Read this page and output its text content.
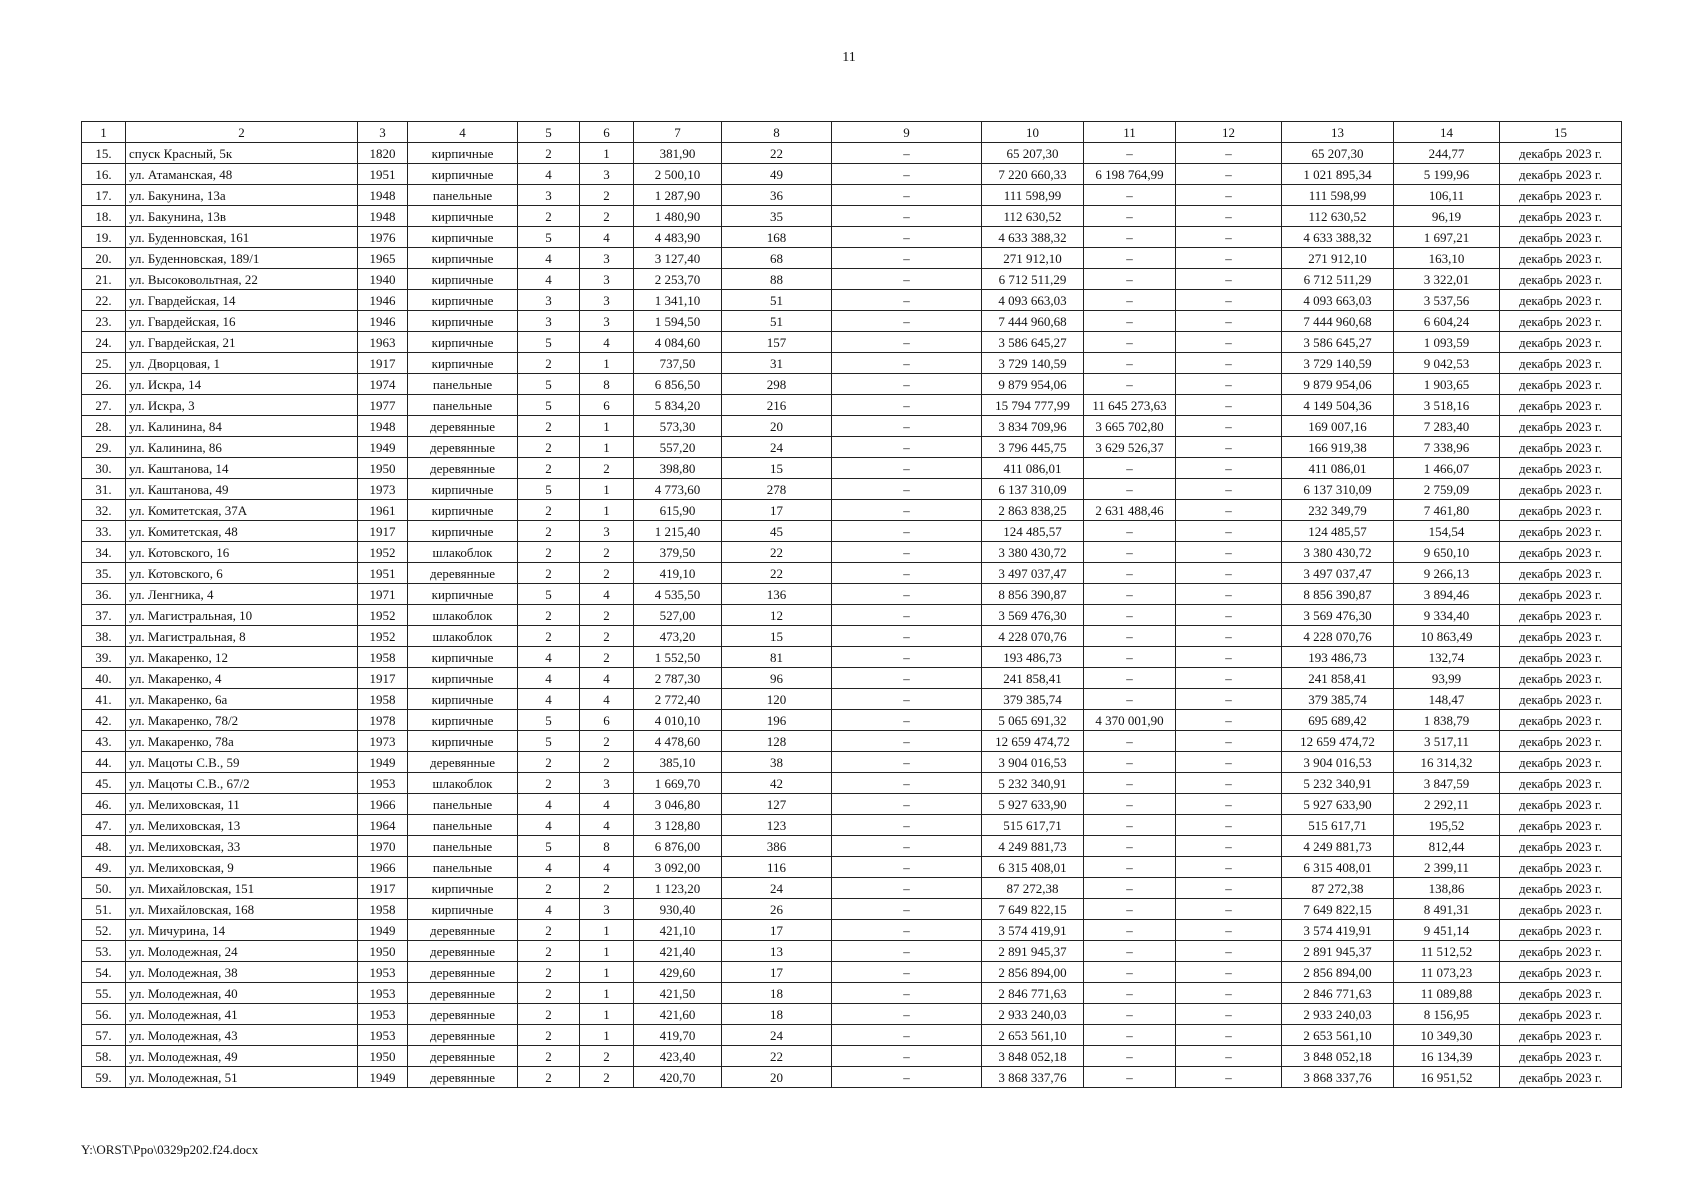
11
1	2	3	4	5	6	7	8	9	10	11	12	13	14	15
15.	спуск Красный, 5к	1820	кирпичные	2	1	381,90	22	–	65 207,30	–	–	65 207,30	244,77	декабрь 2023 г.
16.	ул. Атаманская, 48	1951	кирпичные	4	3	2 500,10	49	–	7 220 660,33	6 198 764,99	–	1 021 895,34	5 199,96	декабрь 2023 г.
17.	ул. Бакунина, 13а	1948	панельные	3	2	1 287,90	36	–	111 598,99	–	–	111 598,99	106,11	декабрь 2023 г.
18.	ул. Бакунина, 13в	1948	кирпичные	2	2	1 480,90	35	–	112 630,52	–	–	112 630,52	96,19	декабрь 2023 г.
19.	ул. Буденновская, 161	1976	кирпичные	5	4	4 483,90	168	–	4 633 388,32	–	–	4 633 388,32	1 697,21	декабрь 2023 г.
20.	ул. Буденновская, 189/1	1965	кирпичные	4	3	3 127,40	68	–	271 912,10	–	–	271 912,10	163,10	декабрь 2023 г.
21.	ул. Высоковольтная, 22	1940	кирпичные	4	3	2 253,70	88	–	6 712 511,29	–	–	6 712 511,29	3 322,01	декабрь 2023 г.
22.	ул. Гвардейская, 14	1946	кирпичные	3	3	1 341,10	51	–	4 093 663,03	–	–	4 093 663,03	3 537,56	декабрь 2023 г.
23.	ул. Гвардейская, 16	1946	кирпичные	3	3	1 594,50	51	–	7 444 960,68	–	–	7 444 960,68	6 604,24	декабрь 2023 г.
24.	ул. Гвардейская, 21	1963	кирпичные	5	4	4 084,60	157	–	3 586 645,27	–	–	3 586 645,27	1 093,59	декабрь 2023 г.
25.	ул. Дворцовая, 1	1917	кирпичные	2	1	737,50	31	–	3 729 140,59	–	–	3 729 140,59	9 042,53	декабрь 2023 г.
26.	ул. Искра, 14	1974	панельные	5	8	6 856,50	298	–	9 879 954,06	–	–	9 879 954,06	1 903,65	декабрь 2023 г.
27.	ул. Искра, 3	1977	панельные	5	6	5 834,20	216	–	15 794 777,99	11 645 273,63	–	4 149 504,36	3 518,16	декабрь 2023 г.
28.	ул. Калинина, 84	1948	деревянные	2	1	573,30	20	–	3 834 709,96	3 665 702,80	–	169 007,16	7 283,40	декабрь 2023 г.
29.	ул. Калинина, 86	1949	деревянные	2	1	557,20	24	–	3 796 445,75	3 629 526,37	–	166 919,38	7 338,96	декабрь 2023 г.
30.	ул. Каштанова, 14	1950	деревянные	2	2	398,80	15	–	411 086,01	–	–	411 086,01	1 466,07	декабрь 2023 г.
31.	ул. Каштанова, 49	1973	кирпичные	5	1	4 773,60	278	–	6 137 310,09	–	–	6 137 310,09	2 759,09	декабрь 2023 г.
32.	ул. Комитетская, 37А	1961	кирпичные	2	1	615,90	17	–	2 863 838,25	2 631 488,46	–	232 349,79	7 461,80	декабрь 2023 г.
33.	ул. Комитетская, 48	1917	кирпичные	2	3	1 215,40	45	–	124 485,57	–	–	124 485,57	154,54	декабрь 2023 г.
34.	ул. Котовского, 16	1952	шлакоблок	2	2	379,50	22	–	3 380 430,72	–	–	3 380 430,72	9 650,10	декабрь 2023 г.
35.	ул. Котовского, 6	1951	деревянные	2	2	419,10	22	–	3 497 037,47	–	–	3 497 037,47	9 266,13	декабрь 2023 г.
36.	ул. Ленгника, 4	1971	кирпичные	5	4	4 535,50	136	–	8 856 390,87	–	–	8 856 390,87	3 894,46	декабрь 2023 г.
37.	ул. Магистральная, 10	1952	шлакоблок	2	2	527,00	12	–	3 569 476,30	–	–	3 569 476,30	9 334,40	декабрь 2023 г.
38.	ул. Магистральная, 8	1952	шлакоблок	2	2	473,20	15	–	4 228 070,76	–	–	4 228 070,76	10 863,49	декабрь 2023 г.
39.	ул. Макаренко, 12	1958	кирпичные	4	2	1 552,50	81	–	193 486,73	–	–	193 486,73	132,74	декабрь 2023 г.
40.	ул. Макаренко, 4	1917	кирпичные	4	4	2 787,30	96	–	241 858,41	–	–	241 858,41	93,99	декабрь 2023 г.
41.	ул. Макаренко, 6а	1958	кирпичные	4	4	2 772,40	120	–	379 385,74	–	–	379 385,74	148,47	декабрь 2023 г.
42.	ул. Макаренко, 78/2	1978	кирпичные	5	6	4 010,10	196	–	5 065 691,32	4 370 001,90	–	695 689,42	1 838,79	декабрь 2023 г.
43.	ул. Макаренко, 78а	1973	кирпичные	5	2	4 478,60	128	–	12 659 474,72	–	–	12 659 474,72	3 517,11	декабрь 2023 г.
44.	ул. Мацоты С.В., 59	1949	деревянные	2	2	385,10	38	–	3 904 016,53	–	–	3 904 016,53	16 314,32	декабрь 2023 г.
45.	ул. Мацоты С.В., 67/2	1953	шлакоблок	2	3	1 669,70	42	–	5 232 340,91	–	–	5 232 340,91	3 847,59	декабрь 2023 г.
46.	ул. Мелиховская, 11	1966	панельные	4	4	3 046,80	127	–	5 927 633,90	–	–	5 927 633,90	2 292,11	декабрь 2023 г.
47.	ул. Мелиховская, 13	1964	панельные	4	4	3 128,80	123	–	515 617,71	–	–	515 617,71	195,52	декабрь 2023 г.
48.	ул. Мелиховская, 33	1970	панельные	5	8	6 876,00	386	–	4 249 881,73	–	–	4 249 881,73	812,44	декабрь 2023 г.
49.	ул. Мелиховская, 9	1966	панельные	4	4	3 092,00	116	–	6 315 408,01	–	–	6 315 408,01	2 399,11	декабрь 2023 г.
50.	ул. Михайловская, 151	1917	кирпичные	2	2	1 123,20	24	–	87 272,38	–	–	87 272,38	138,86	декабрь 2023 г.
51.	ул. Михайловская, 168	1958	кирпичные	4	3	930,40	26	–	7 649 822,15	–	–	7 649 822,15	8 491,31	декабрь 2023 г.
52.	ул. Мичурина, 14	1949	деревянные	2	1	421,10	17	–	3 574 419,91	–	–	3 574 419,91	9 451,14	декабрь 2023 г.
53.	ул. Молодежная, 24	1950	деревянные	2	1	421,40	13	–	2 891 945,37	–	–	2 891 945,37	11 512,52	декабрь 2023 г.
54.	ул. Молодежная, 38	1953	деревянные	2	1	429,60	17	–	2 856 894,00	–	–	2 856 894,00	11 073,23	декабрь 2023 г.
55.	ул. Молодежная, 40	1953	деревянные	2	1	421,50	18	–	2 846 771,63	–	–	2 846 771,63	11 089,88	декабрь 2023 г.
56.	ул. Молодежная, 41	1953	деревянные	2	1	421,60	18	–	2 933 240,03	–	–	2 933 240,03	8 156,95	декабрь 2023 г.
57.	ул. Молодежная, 43	1953	деревянные	2	1	419,70	24	–	2 653 561,10	–	–	2 653 561,10	10 349,30	декабрь 2023 г.
58.	ул. Молодежная, 49	1950	деревянные	2	2	423,40	22	–	3 848 052,18	–	–	3 848 052,18	16 134,39	декабрь 2023 г.
59.	ул. Молодежная, 51	1949	деревянные	2	2	420,70	20	–	3 868 337,76	–	–	3 868 337,76	16 951,52	декабрь 2023 г.
Y:\ORST\Ppo\0329p202.f24.docx
